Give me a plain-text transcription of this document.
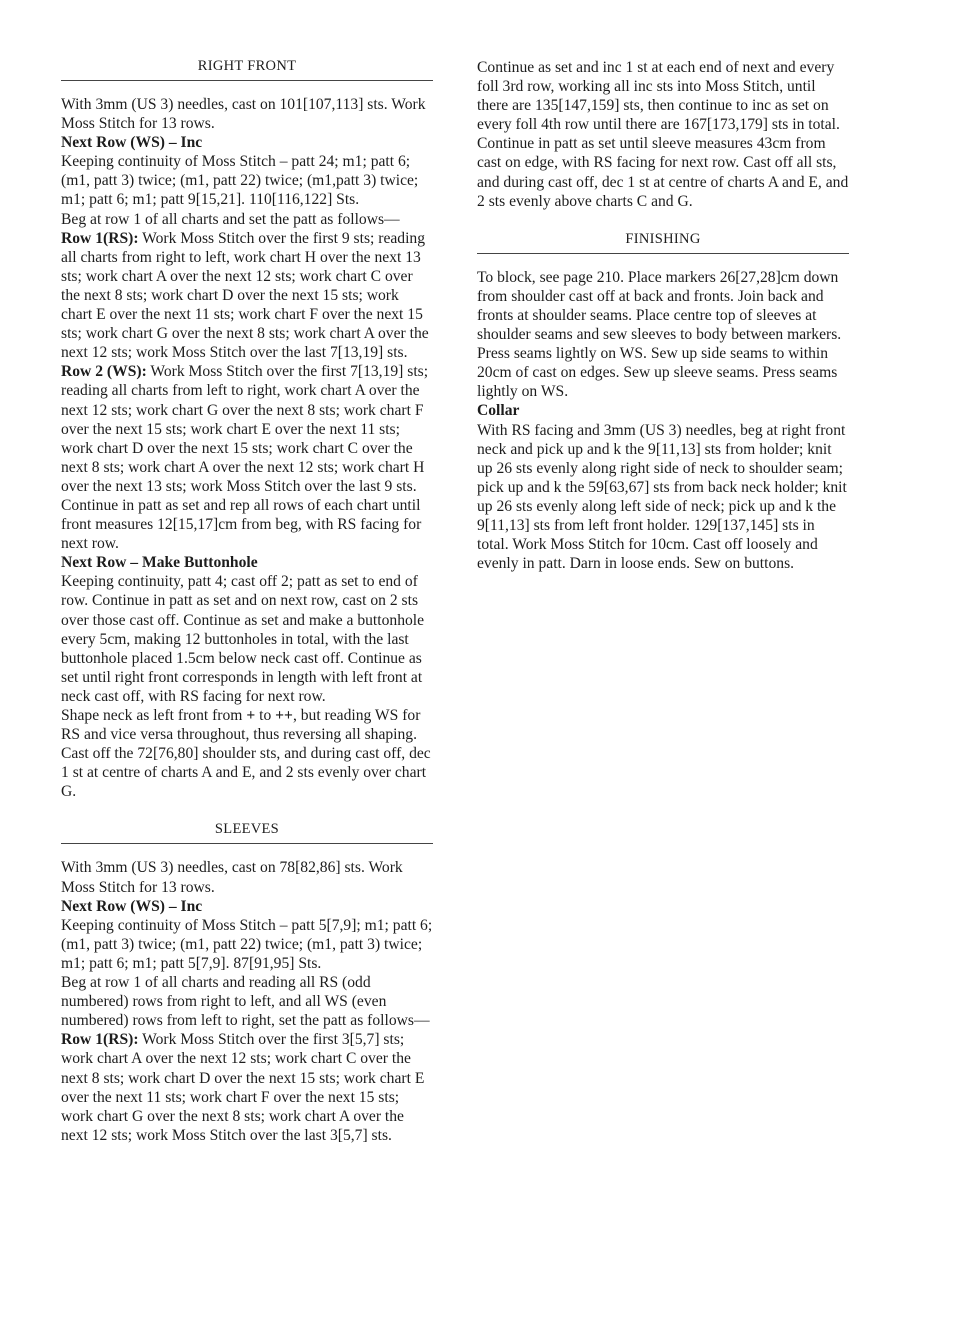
RIGHT FRONT

With 3mm (US 3) needles, cast on 101[107,113] sts. Work Moss Stitch for 13 rows.

Next Row (WS) – Inc

Keeping continuity of Moss Stitch – patt 24; m1; patt 6; (m1, patt 3) twice; (m1, patt 22) twice; (m1,patt 3) twice; m1; patt 6; m1; patt 9[15,21]. 110[116,122] Sts.

Beg at row 1 of all charts and set the patt as follows—

Row 1(RS): Work Moss Stitch over the first 9 sts; reading all charts from right to left, work chart H over the next 13 sts; work chart A over the next 12 sts; work chart C over the next 8 sts; work chart D over the next 15 sts; work chart E over the next 11 sts; work chart F over the next 15 sts; work chart G over the next 8 sts; work chart A over the next 12 sts; work Moss Stitch over the last 7[13,19] sts.

Row 2 (WS): Work Moss Stitch over the first 7[13,19] sts; reading all charts from left to right, work chart A over the next 12 sts; work chart G over the next 8 sts; work chart F over the next 15 sts; work chart E over the next 11 sts; work chart D over the next 15 sts; work chart C over the next 8 sts; work chart A over the next 12 sts; work chart H over the next 13 sts; work Moss Stitch over the last 9 sts.

Continue in patt as set and rep all rows of each chart until front measures 12[15,17]cm from beg, with RS facing for next row.

Next Row – Make Buttonhole

Keeping continuity, patt 4; cast off 2; patt as set to end of row. Continue in patt as set and on next row, cast on 2 sts over those cast off. Continue as set and make a buttonhole every 5cm, making 12 buttonholes in total, with the last buttonhole placed 1.5cm below neck cast off. Continue as set until right front corresponds in length with left front at neck cast off, with RS facing for next row.

Shape neck as left front from + to ++, but reading WS for RS and vice versa throughout, thus reversing all shaping.

Cast off the 72[76,80] shoulder sts, and during cast off, dec 1 st at centre of charts A and E, and 2 sts evenly over chart G.

SLEEVES

With 3mm (US 3) needles, cast on 78[82,86] sts. Work Moss Stitch for 13 rows.

Next Row (WS) – Inc

Keeping continuity of Moss Stitch – patt 5[7,9]; m1; patt 6; (m1, patt 3) twice; (m1, patt 22) twice; (m1, patt 3) twice; m1; patt 6; m1; patt 5[7,9]. 87[91,95] Sts.

Beg at row 1 of all charts and reading all RS (odd numbered) rows from right to left, and all WS (even numbered) rows from left to right, set the patt as follows—

Row 1(RS): Work Moss Stitch over the first 3[5,7] sts; work chart A over the next 12 sts; work chart C over the next 8 sts; work chart D over the next 15 sts; work chart E over the next 11 sts; work chart F over the next 15 sts; work chart G over the next 8 sts; work chart A over the next 12 sts; work Moss Stitch over the last 3[5,7] sts.

Continue as set and inc 1 st at each end of next and every foll 3rd row, working all inc sts into Moss Stitch, until there are 135[147,159] sts, then continue to inc as set on every foll 4th row until there are 167[173,179] sts in total. Continue in patt as set until sleeve measures 43cm from cast on edge, with RS facing for next row. Cast off all sts, and during cast off, dec 1 st at centre of charts A and E, and 2 sts evenly above charts C and G.

FINISHING

To block, see page 210. Place markers 26[27,28]cm down from shoulder cast off at back and fronts. Join back and fronts at shoulder seams. Place centre top of sleeves at shoulder seams and sew sleeves to body between markers. Press seams lightly on WS. Sew up side seams to within 20cm of cast on edges. Sew up sleeve seams. Press seams lightly on WS.

Collar

With RS facing and 3mm (US 3) needles, beg at right front neck and pick up and k the 9[11,13] sts from holder; knit up 26 sts evenly along right side of neck to shoulder seam; pick up and k the 59[63,67] sts from back neck holder; knit up 26 sts evenly along left side of neck; pick up and k the 9[11,13] sts from left front holder. 129[137,145] sts in total. Work Moss Stitch for 10cm. Cast off loosely and evenly in patt. Darn in loose ends. Sew on buttons.
